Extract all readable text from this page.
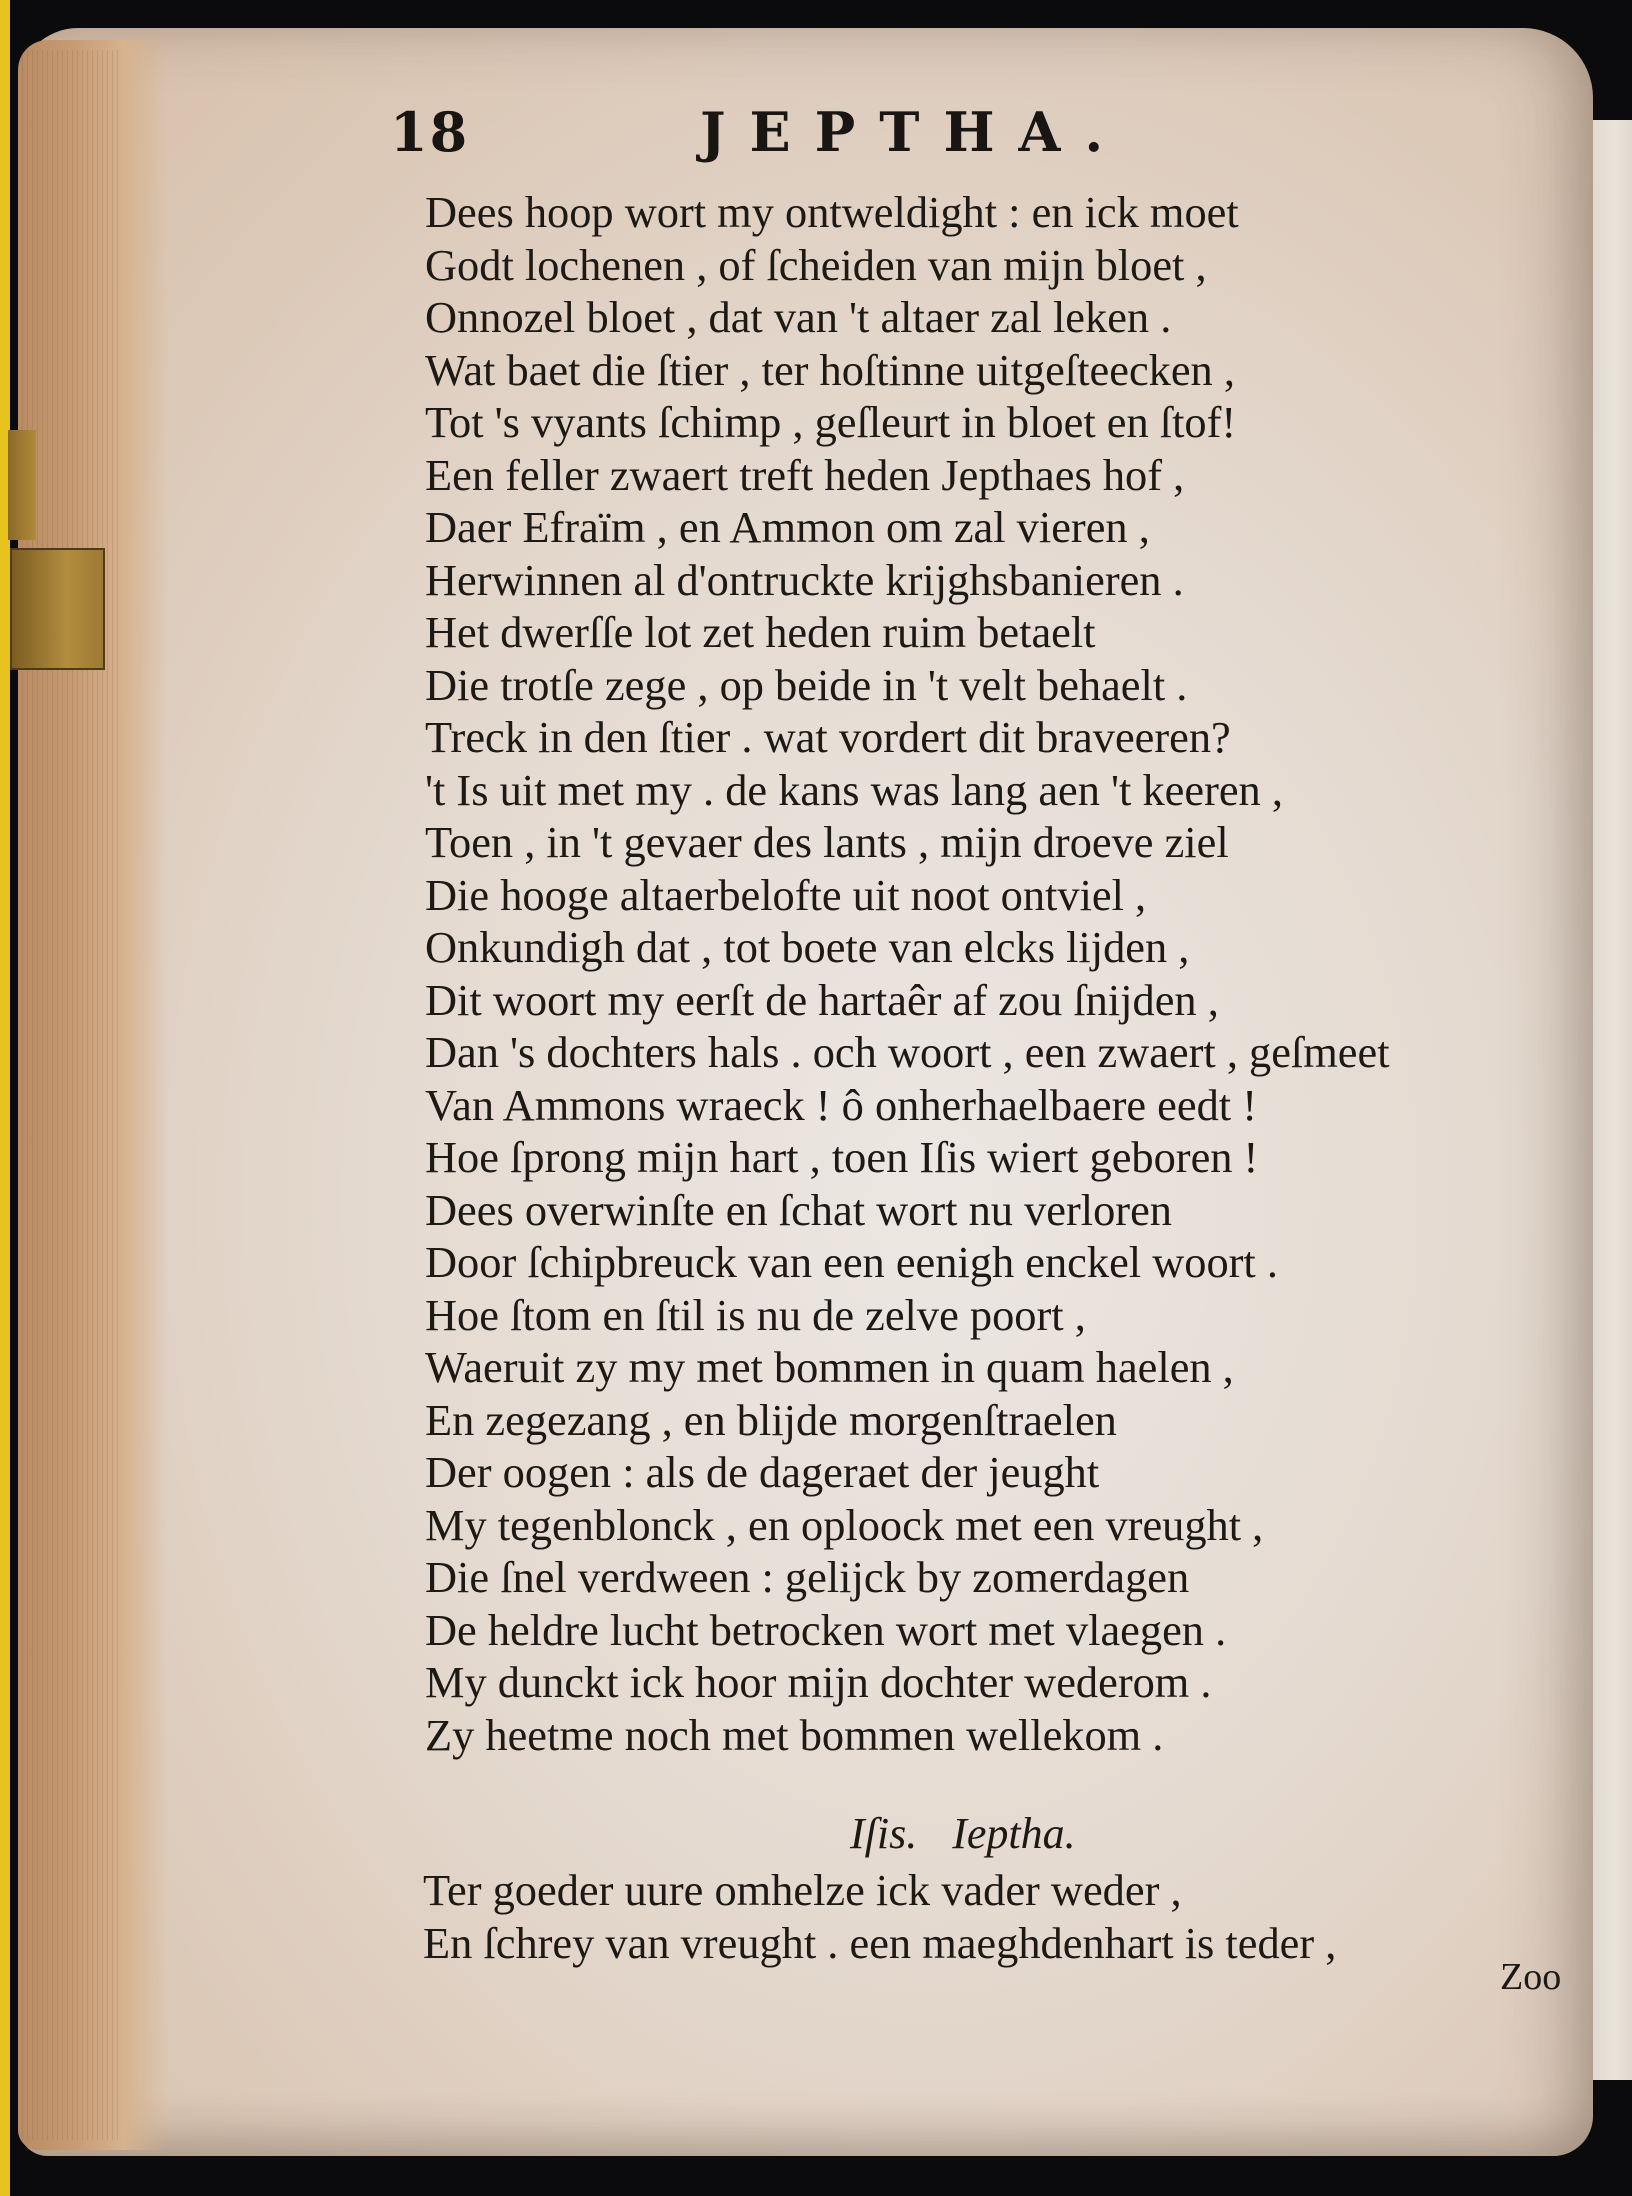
18	JEPTHA.
Dees hoop wort my ontweldight : en ick moet
Godt lochenen , of ſcheiden van mijn bloet ,
Onnozel bloet , dat van 't altaer zal leken .
Wat baet die ſtier , ter hoſtinne uitgeſteecken ,
Tot 's vyants ſchimp , geſleurt in bloet en ſtof!
Een feller zwaert treft heden Jepthaes hof ,
Daer Efraïm , en Ammon om zal vieren ,
Herwinnen al d'ontruckte krijghsbanieren .
Het dwerſſe lot zet heden ruim betaelt
Die trotſe zege , op beide in 't velt behaelt .
Treck in den ſtier . wat vordert dit braveeren?
't Is uit met my . de kans was lang aen 't keeren ,
Toen , in 't gevaer des lants , mijn droeve ziel
Die hooge altaerbelofte uit noot ontviel ,
Onkundigh dat , tot boete van elcks lijden ,
Dit woort my eerſt de hartaêr af zou ſnijden ,
Dan 's dochters hals . och woort , een zwaert , geſmeet
Van Ammons wraeck ! ô onherhaelbaere eedt !
Hoe ſprong mijn hart , toen Iſis wiert geboren !
Dees overwinſte en ſchat wort nu verloren
Door ſchipbreuck van een eenigh enckel woort .
Hoe ſtom en ſtil is nu de zelve poort ,
Waeruit zy my met bommen in quam haelen ,
En zegezang , en blijde morgenſtraelen
Der oogen : als de dageraet der jeught
My tegenblonck , en oploock met een vreught ,
Die ſnel verdween : gelijck by zomerdagen
De heldre lucht betrocken wort met vlaegen .
My dunckt ick hoor mijn dochter wederom .
Zy heetme noch met bommen wellekom .
Iſis. Ieptha.
Ter goeder uure omhelze ick vader weder ,
En ſchrey van vreught . een maeghdenhart is teder ,
Zoo
